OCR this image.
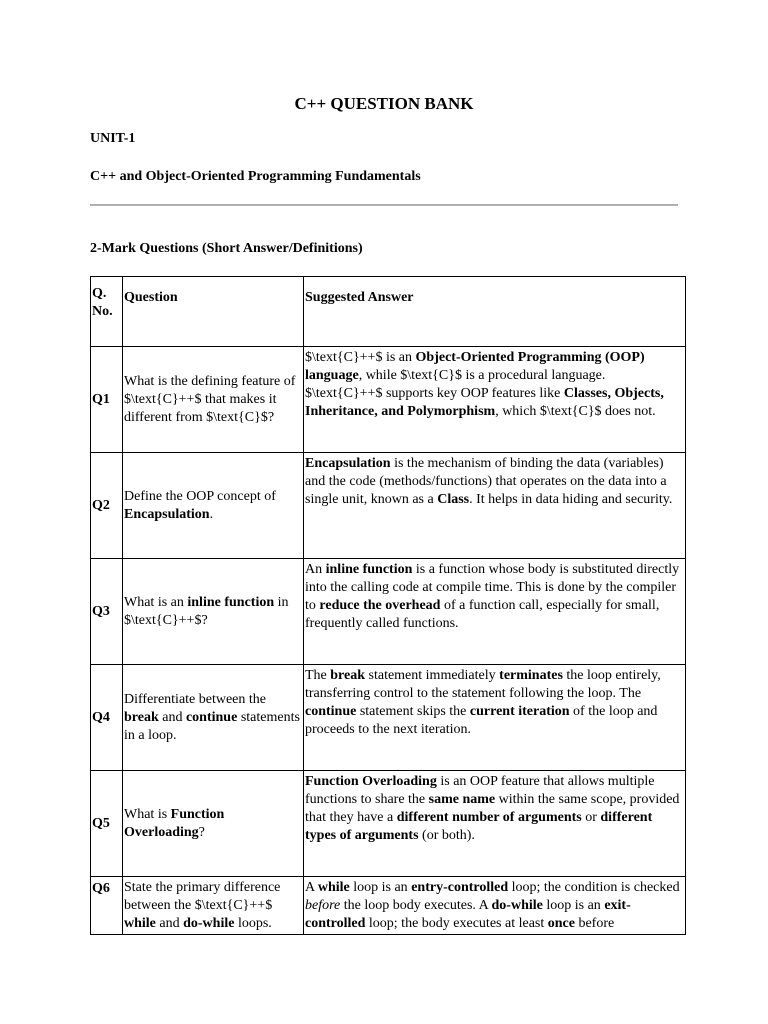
C++ QUESTION BANK
UNIT-1
C++ and Object-Oriented Programming Fundamentals
2-Mark Questions (Short Answer/Definitions)
Q. No.	Question	Suggested Answer
Q1	What is the defining feature of $\text{C}++$ that makes it different from $\text{C}$?	$\text{C}++$ is an Object-Oriented Programming (OOP) language, while $\text{C}$ is a procedural language. $\text{C}++$ supports key OOP features like Classes, Objects, Inheritance, and Polymorphism, which $\text{C}$ does not.
Q2	Define the OOP concept of Encapsulation.	Encapsulation is the mechanism of binding the data (variables) and the code (methods/functions) that operates on the data into a single unit, known as a Class. It helps in data hiding and security.
Q3	What is an inline function in $\text{C}++$?	An inline function is a function whose body is substituted directly into the calling code at compile time. This is done by the compiler to reduce the overhead of a function call, especially for small, frequently called functions.
Q4	Differentiate between the break and continue statements in a loop.	The break statement immediately terminates the loop entirely, transferring control to the statement following the loop. The continue statement skips the current iteration of the loop and proceeds to the next iteration.
Q5	What is Function Overloading?	Function Overloading is an OOP feature that allows multiple functions to share the same name within the same scope, provided that they have a different number of arguments or different types of arguments (or both).
Q6	State the primary difference between the $\text{C}++$ while and do-while loops.	A while loop is an entry-controlled loop; the condition is checked before the loop body executes. A do-while loop is an exit-controlled loop; the body executes at least once before
